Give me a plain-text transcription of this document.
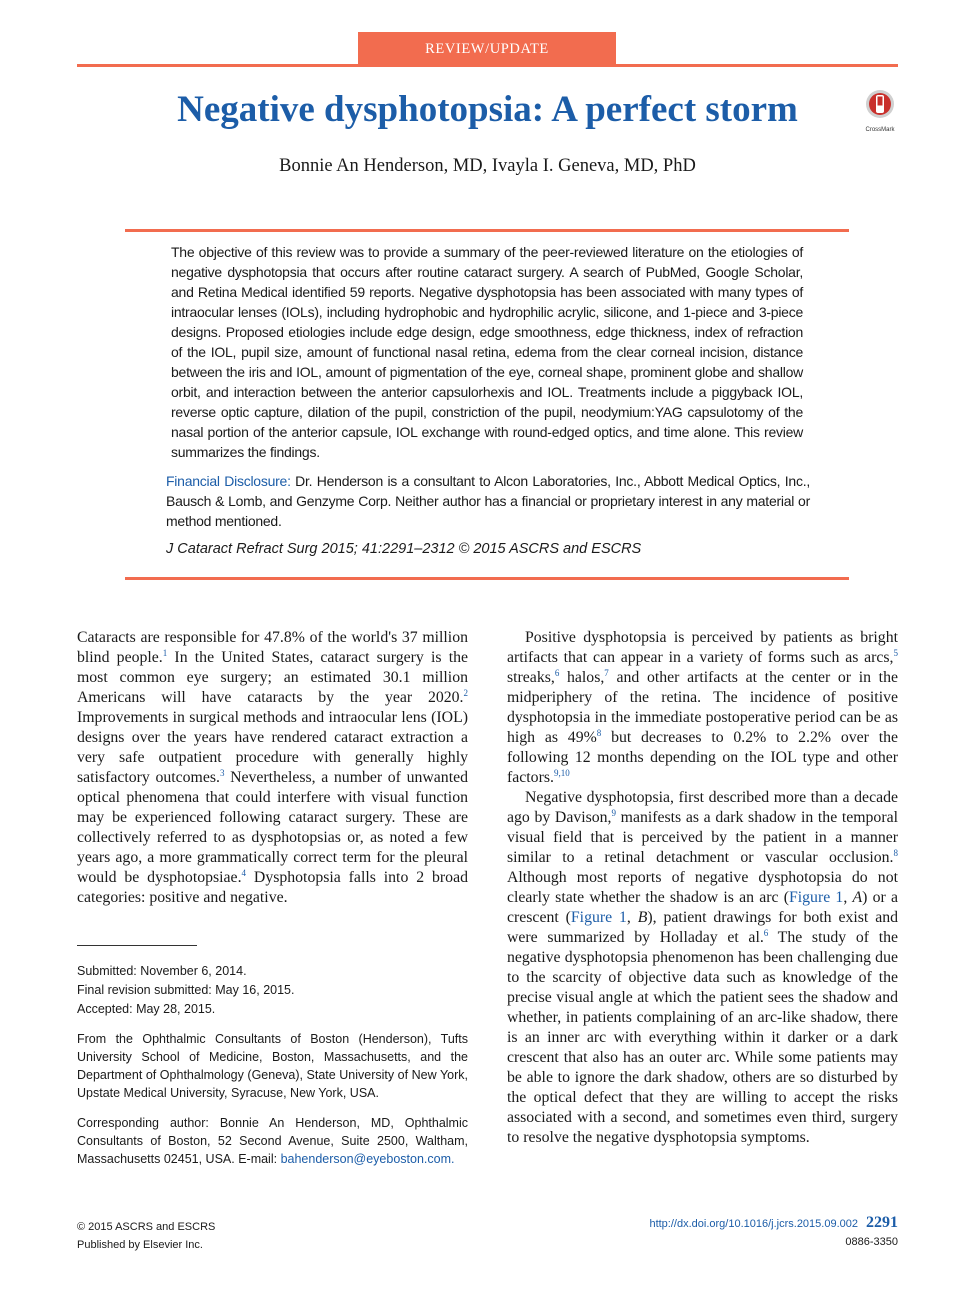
REVIEW/UPDATE
Negative dysphotopsia: A perfect storm	CrossMark
Bonnie An Henderson, MD, Ivayla I. Geneva, MD, PhD

The objective of this review was to provide a summary of the peer-reviewed literature on the etiologies of negative dysphotopsia that occurs after routine cataract surgery. A search of PubMed, Google Scholar, and Retina Medical identified 59 reports. Negative dysphotopsia has been associated with many types of intraocular lenses (IOLs), including hydrophobic and hydrophilic acrylic, silicone, and 1-piece and 3-piece designs. Proposed etiologies include edge design, edge smoothness, edge thickness, index of refraction of the IOL, pupil size, amount of functional nasal retina, edema from the clear corneal incision, distance between the iris and IOL, amount of pigmentation of the eye, corneal shape, prominent globe and shallow orbit, and interaction between the anterior capsulorhexis and IOL. Treatments include a piggyback IOL, reverse optic capture, dilation of the pupil, constriction of the pupil, neodymium:YAG capsulotomy of the nasal portion of the anterior capsule, IOL exchange with round-edged optics, and time alone. This review summarizes the findings.

Financial Disclosure: Dr. Henderson is a consultant to Alcon Laboratories, Inc., Abbott Medical Optics, Inc., Bausch & Lomb, and Genzyme Corp. Neither author has a financial or proprietary interest in any material or method mentioned.

J Cataract Refract Surg 2015; 41:2291–2312 © 2015 ASCRS and ESCRS

Cataracts are responsible for 47.8% of the world's 37 million blind people.$^1$ In the United States, cataract surgery is the most common eye surgery; an estimated 30.1 million Americans will have cataracts by the year 2020.$^2$ Improvements in surgical methods and intraocular lens (IOL) designs over the years have rendered cataract extraction a very safe outpatient procedure with generally highly satisfactory outcomes.$^3$ Nevertheless, a number of unwanted optical phenomena that could interfere with visual function may be experienced following cataract surgery. These are collectively referred to as dysphotopsias or, as noted a few years ago, a more grammatically correct term for the pleural would be dysphotopsiae.$^4$ Dysphotopsia falls into 2 broad categories: positive and negative.

Positive dysphotopsia is perceived by patients as bright artifacts that can appear in a variety of forms such as arcs,$^5$ streaks,$^6$ halos,$^7$ and other artifacts at the center or in the midperiphery of the retina. The incidence of positive dysphotopsia in the immediate postoperative period can be as high as 49%$^8$ but decreases to 0.2% to 2.2% over the following 12 months depending on the IOL type and other factors.$^{9,10}$

Negative dysphotopsia, first described more than a decade ago by Davison,$^9$ manifests as a dark shadow in the temporal visual field that is perceived by the patient in a manner similar to a retinal detachment or vascular occlusion.$^8$ Although most reports of negative dysphotopsia do not clearly state whether the shadow is an arc (Figure 1, A) or a crescent (Figure 1, B), patient drawings for both exist and were summarized by Holladay et al.$^6$ The study of the negative dysphotopsia phenomenon has been challenging due to the scarcity of objective data such as knowledge of the precise visual angle at which the patient sees the shadow and whether, in patients complaining of an arc-like shadow, there is an inner arc with everything within it darker or a dark crescent that also has an outer arc. While some patients may be able to ignore the dark shadow, others are so disturbed by the optical defect that they are willing to accept the risks associated with a second, and sometimes even third, surgery to resolve the negative dysphotopsia symptoms.

Submitted: November 6, 2014.
Final revision submitted: May 16, 2015.
Accepted: May 28, 2015.

From the Ophthalmic Consultants of Boston (Henderson), Tufts University School of Medicine, Boston, Massachusetts, and the Department of Ophthalmology (Geneva), State University of New York, Upstate Medical University, Syracuse, New York, USA.

Corresponding author: Bonnie An Henderson, MD, Ophthalmic Consultants of Boston, 52 Second Avenue, Suite 2500, Waltham, Massachusetts 02451, USA. E-mail: bahenderson@eyeboston.com.

© 2015 ASCRS and ESCRS
Published by Elsevier Inc.
http://dx.doi.org/10.1016/j.jcrs.2015.09.002 2291
0886-3350
